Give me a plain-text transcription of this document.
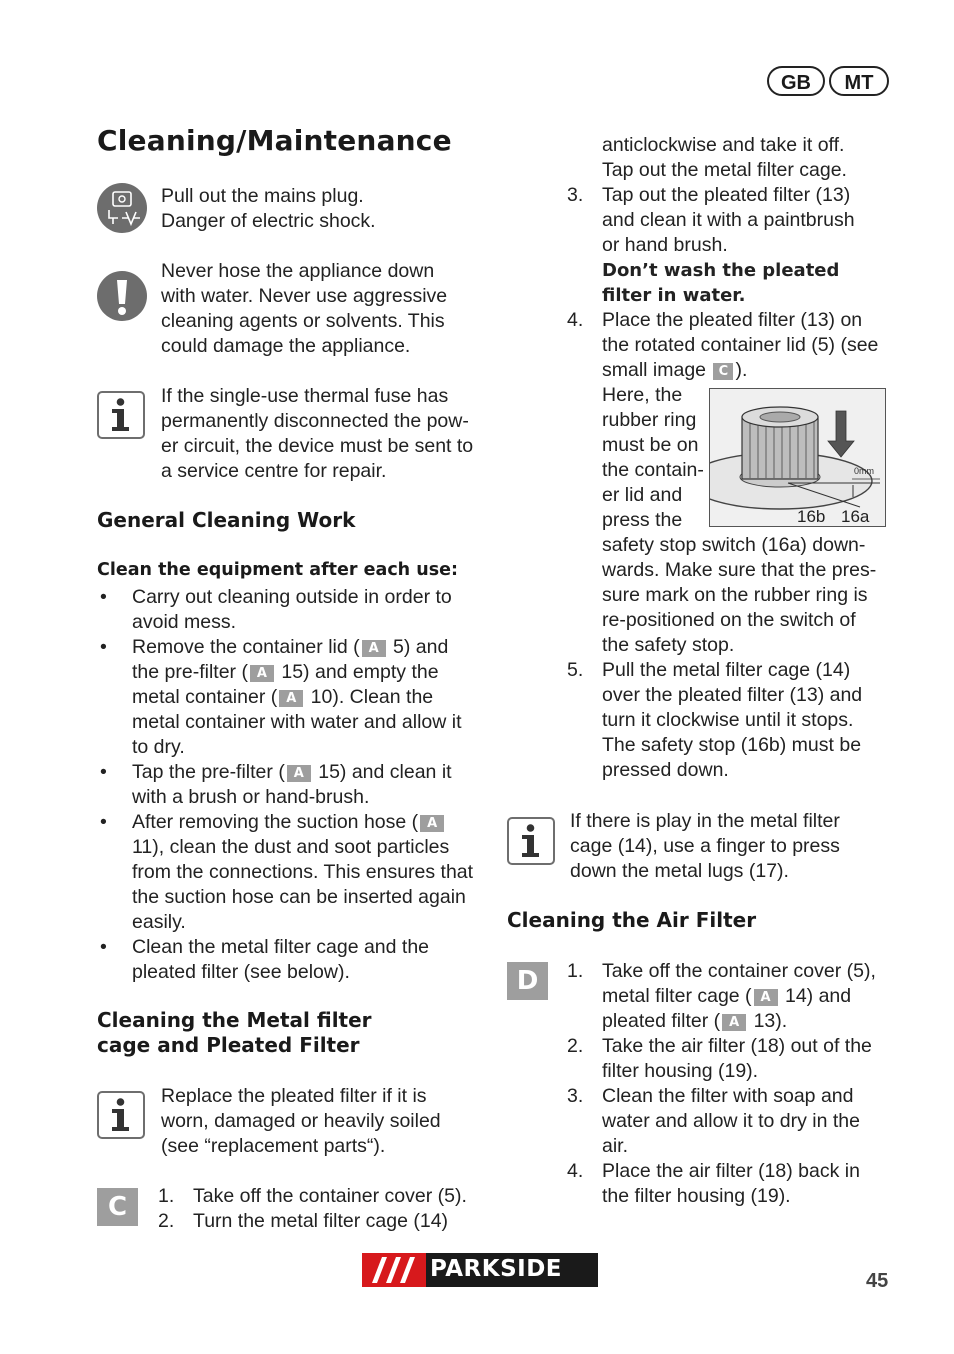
GB	MT
Cleaning/Maintenance
Pull out the mains plug.
Danger of electric shock.
Never hose the appliance down
with water. Never use aggressive
cleaning agents or solvents. This
could damage the appliance.
If the single-use thermal fuse has
permanently disconnected the pow-
er circuit, the device must be sent to
a service centre for repair.
General Cleaning Work
Clean the equipment after each use:
• Carry out cleaning outside in order to
avoid mess.
• Remove the container lid ( A 5) and
the pre-filter ( A 15) and empty the
metal container ( A 10). Clean the
metal container with water and allow it
to dry.
• Tap the pre-filter ( A 15) and clean it
with a brush or hand-brush.
• After removing the suction hose ( A
11), clean the dust and soot particles
from the connections. This ensures that
the suction hose can be inserted again
easily.
• Clean the metal filter cage and the
pleated filter (see below).
Cleaning the Metal filter
cage and Pleated Filter
Replace the pleated filter if it is
worn, damaged or heavily soiled
(see “replacement parts“).
C	1. Take off the container cover (5).
2. Turn the metal filter cage (14)
anticlockwise and take it off.
Tap out the metal filter cage.
3. Tap out the pleated filter (13)
and clean it with a paintbrush
or hand brush.
Don’t wash the pleated
filter in water.
4. Place the pleated filter (13) on
the rotated container lid (5) (see
small image C ).
Here, the
rubber ring
must be on
the contain-
er lid and
press the
safety stop switch (16a) down-
wards. Make sure that the pres-
sure mark on the rubber ring is
re-positioned on the switch of
the safety stop.
5. Pull the metal filter cage (14)
over the pleated filter (13) and
turn it clockwise until it stops.
The safety stop (16b) must be
pressed down.
0mm
16b 16a
If there is play in the metal filter
cage (14), use a finger to press
down the metal lugs (17).
Cleaning the Air Filter
D	1. Take off the container cover (5),
metal filter cage ( A 14) and
pleated filter ( A 13).
2. Take the air filter (18) out of the
filter housing (19).
3. Clean the filter with soap and
water and allow it to dry in the
air.
4. Place the air filter (18) back in
the filter housing (19).
PARKSIDE	45
